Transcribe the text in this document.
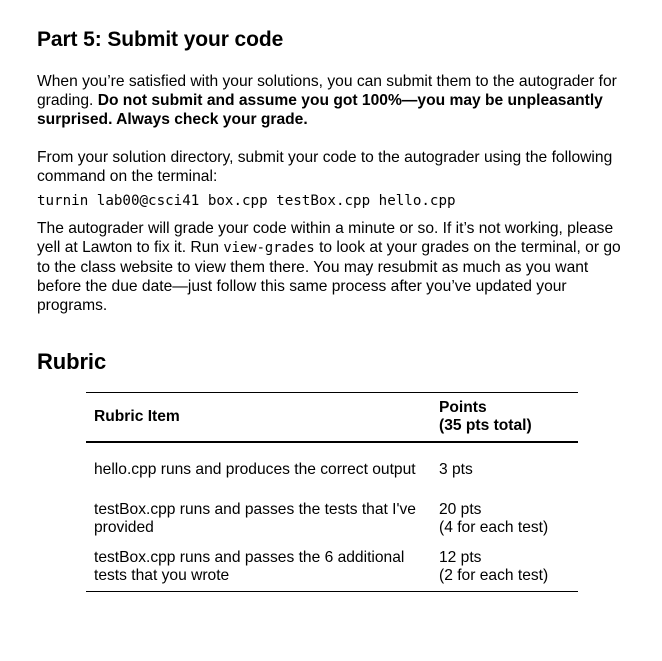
Part 5: Submit your code

When you’re satisfied with your solutions, you can submit them to the autograder for grading. Do not submit and assume you got 100%—you may be unpleasantly surprised. Always check your grade.

From your solution directory, submit your code to the autograder using the following command on the terminal:

turnin lab00@csci41 box.cpp testBox.cpp hello.cpp

The autograder will grade your code within a minute or so. If it’s not working, please yell at Lawton to fix it. Run view-grades to look at your grades on the terminal, or go to the class website to view them there. You may resubmit as much as you want before the due date—just follow this same process after you’ve updated your programs.

Rubric
Rubric Item	Points
(35 pts total)

hello.cpp runs and produces the correct output	3 pts

testBox.cpp runs and passes the tests that I've provided	20 pts
(4 for each test)

testBox.cpp runs and passes the 6 additional tests that you wrote	12 pts
(2 for each test)
